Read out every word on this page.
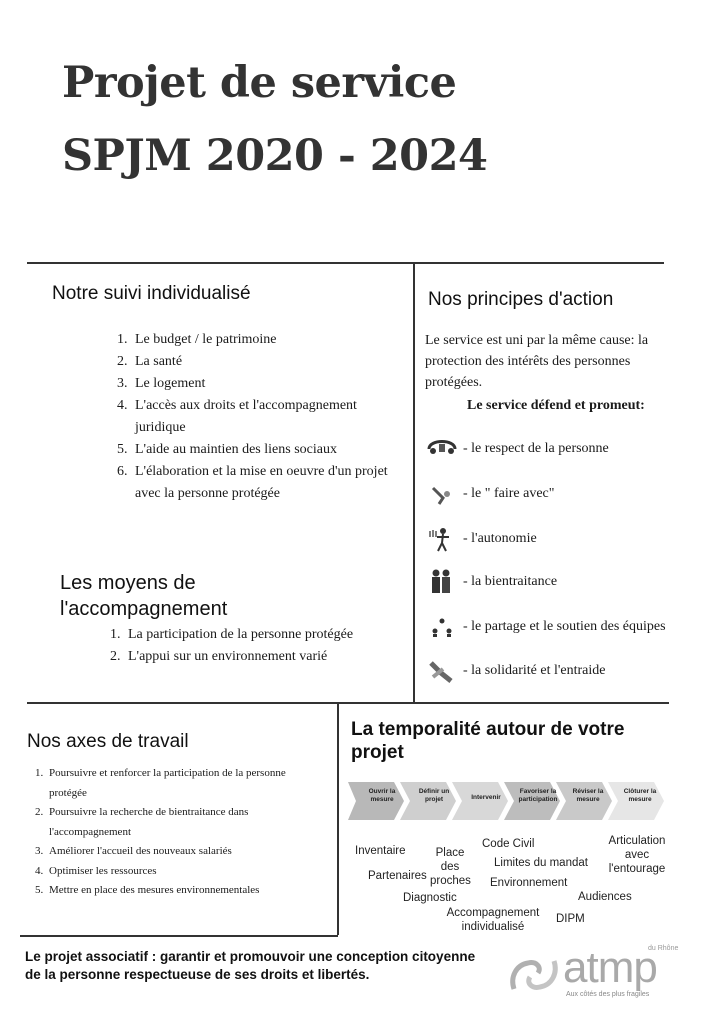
Projet de service
SPJM 2020 - 2024
Notre suivi individualisé
1. Le budget / le patrimoine
2. La santé
3. Le logement
4. L'accès aux droits et l'accompagnement juridique
5. L'aide au maintien des liens sociaux
6. L'élaboration et la mise en oeuvre d'un projet avec la personne protégée
Les moyens de
l'accompagnement
1. La participation de la personne protégée
2. L'appui sur un environnement varié
Nos principes d'action
Le service est uni par la même cause: la protection des intérêts des personnes protégées.
Le service défend et promeut:
- le respect de la personne
- le " faire avec"
- l'autonomie
- la bientraitance
- le partage et le soutien des équipes
- la solidarité et l'entraide
Nos axes de travail
1. Poursuivre et renforcer la participation de la personne protégée
2. Poursuivre la recherche de bientraitance dans l'accompagnement
3. Améliorer l'accueil des nouveaux salariés
4. Optimiser les ressources
5. Mettre en place des mesures environnementales
La temporalité autour de votre
projet
Ouvrir la mesure
Définir un projet	Intervenir
Favoriser la participation
Réviser la mesure
Clôturer la mesure
Inventaire	Place des proches
Code Civil
Limites du mandat
Articulation avec l'entourage
Partenaires
Environnement
Diagnostic	Audiences
Accompagnement individualisé
DIPM
Le projet associatif : garantir et promouvoir une conception citoyenne de la personne respectueuse de ses droits et libertés.
du Rhône
atmp
Aux côtés des plus fragiles
